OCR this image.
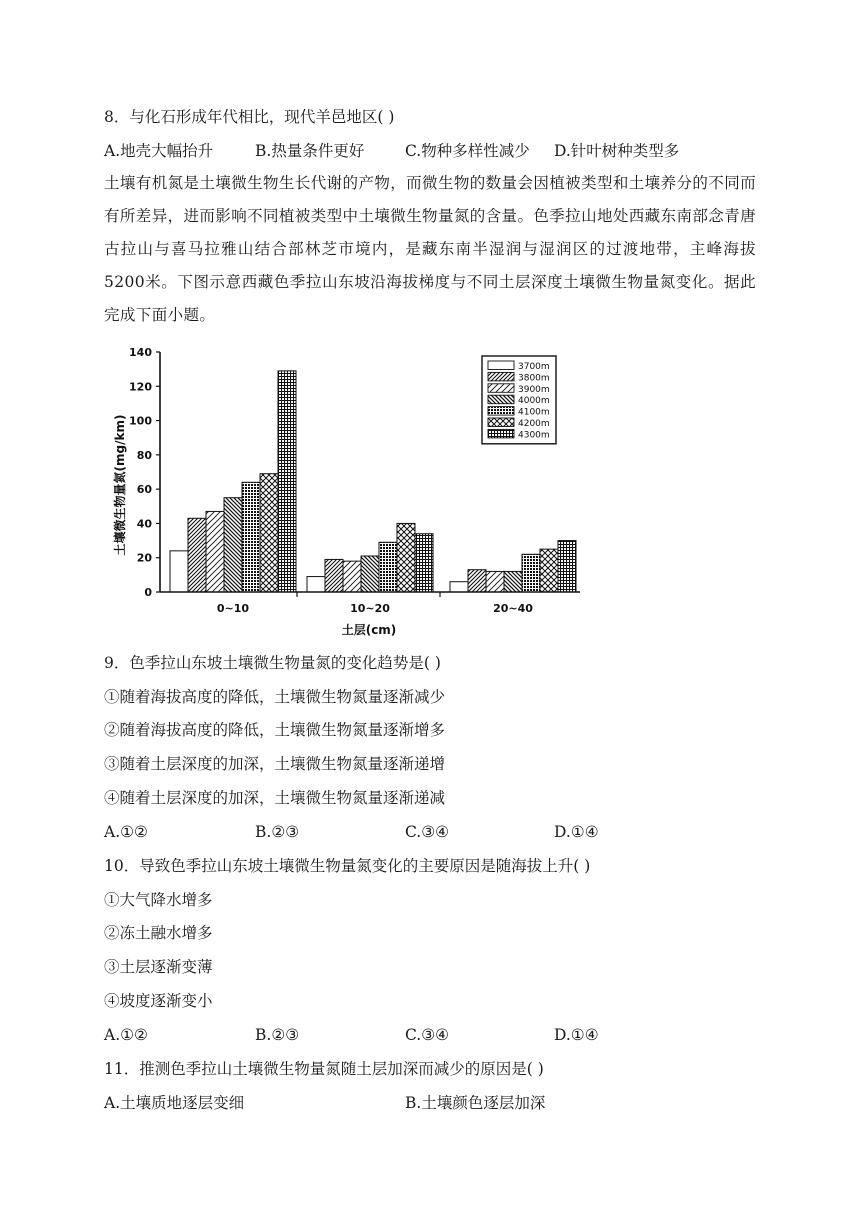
8．与化石形成年代相比，现代羊邑地区( )
A.地壳大幅抬升	B.热量条件更好	C.物种多样性减少 D.针叶树种类型多
土壤有机氮是土壤微生物生长代谢的产物，而微生物的数量会因植被类型和土壤养分的不同而有所差异，进而影响不同植被类型中土壤微生物量氮的含量。色季拉山地处西藏东南部念青唐古拉山与喜马拉雅山结合部林芝市境内，是藏东南半湿润与湿润区的过渡地带，主峰海拔5200米。下图示意西藏色季拉山东坡沿海拔梯度与不同土层深度土壤微生物量氮变化。据此完成下面小题。
0~10	10~20	20~40
0
20
40
60
80
100
120
140
3700m
3800m
3900m
4000m
4100m
4200m
4300m
土壤微生物量氮(mg/km)
土层(cm)
9．色季拉山东坡土壤微生物量氮的变化趋势是( )
①随着海拔高度的降低，土壤微生物氮量逐渐减少
②随着海拔高度的降低，土壤微生物氮量逐渐增多
③随着土层深度的加深，土壤微生物氮量逐渐递增
④随着土层深度的加深，土壤微生物氮量逐渐递减
A.①②	B.②③	C.③④	D.①④
10．导致色季拉山东坡土壤微生物量氮变化的主要原因是随海拔上升( )
①大气降水增多
②冻土融水增多
③土层逐渐变薄
④坡度逐渐变小
A.①②	B.②③	C.③④	D.①④
11．推测色季拉山土壤微生物量氮随土层加深而减少的原因是( )
A.土壤质地逐层变细	B.土壤颜色逐层加深
